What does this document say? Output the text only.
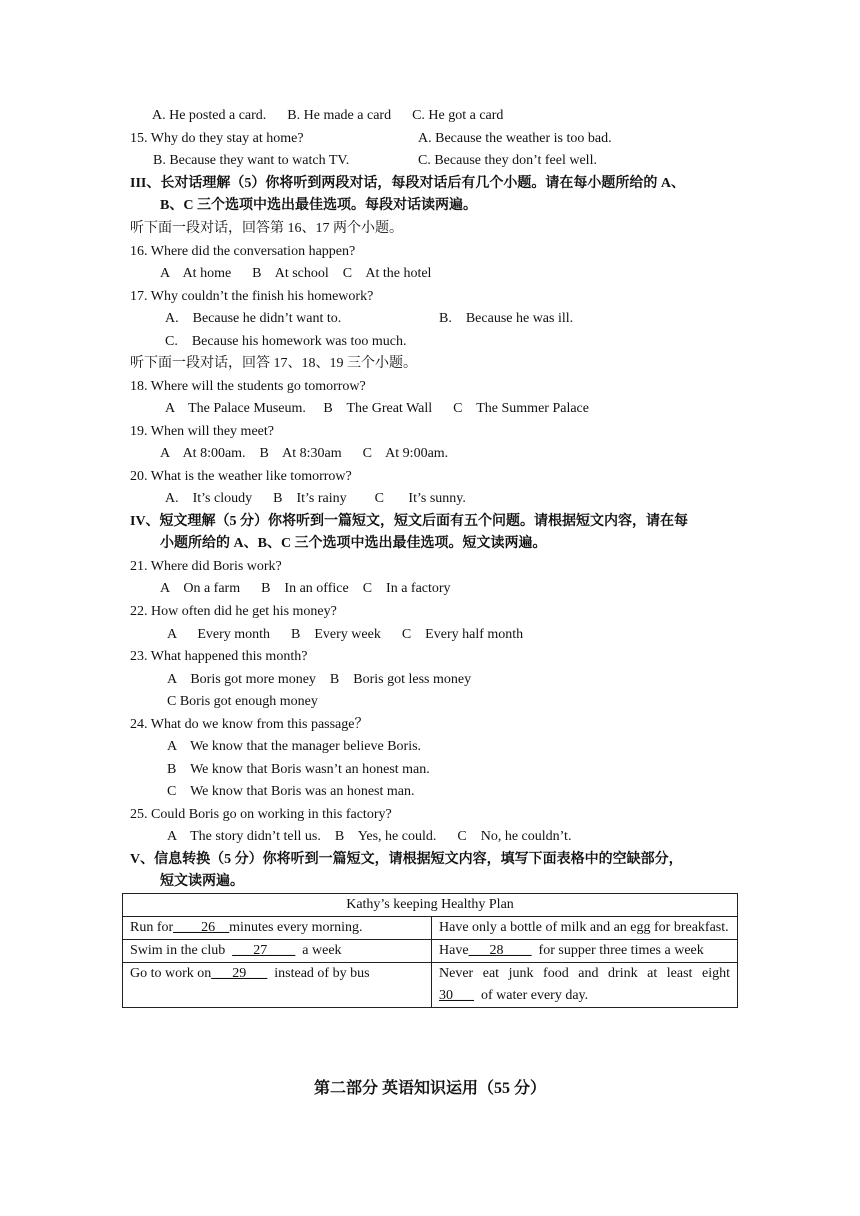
A. He posted a card.      B. He made a card      C. He got a card
15. Why do they stay at home?	A. Because the weather is too bad.
B. Because they want to watch TV.	C. Because they don’t feel well.
III、长对话理解（5）你将听到两段对话，每段对话后有几个小题。请在每小题所给的 A、
B、C 三个选项中选出最佳选项。每段对话读两遍。
听下面一段对话，回答第 16、17 两个小题。
16. Where did the conversation happen?
A    At home      B    At school    C    At the hotel
17. Why couldn’t the finish his homework?
A.    Because he didn’t want to.	B.    Because he was ill.
C.    Because his homework was too much.
听下面一段对话，回答 17、18、19 三个小题。
18. Where will the students go tomorrow?
A    The Palace Museum.     B    The Great Wall      C    The Summer Palace
19. When will they meet?
A    At 8:00am.    B    At 8:30am      C    At 9:00am.
20. What is the weather like tomorrow?
A.    It’s cloudy      B    It’s rainy        C       It’s sunny.
IV、短文理解（5 分）你将听到一篇短文，短文后面有五个问题。请根据短文内容，请在每
小题所给的 A、B、C 三个选项中选出最佳选项。短文读两遍。
21. Where did Boris work?
A    On a farm      B    In an office    C    In a factory
22. How often did he get his money?
A      Every month      B    Every week      C    Every half month
23. What happened this month?
A    Boris got more money    B    Boris got less money
C Boris got enough money
24. What do we know from this passage？
A    We know that the manager believe Boris.
B    We know that Boris wasn’t an honest man.
C    We know that Boris was an honest man.
25. Could Boris go on working in this factory?
A    The story didn’t tell us.    B    Yes, he could.      C    No, he couldn’t.
V、信息转换（5 分）你将听到一篇短文，请根据短文内容，填写下面表格中的空缺部分，
短文读两遍。
Kathy’s keeping Healthy Plan	
Run for____26__minutes every morning.	Have only a bottle of milk and an egg for breakfast.
Swim in the club  ___27____  a week	Have___28____  for supper three times a week
Go to work on___29___  instead of by bus	Never eat junk food and drink at least eight 30___  of water every day.
第二部分 英语知识运用（55 分）
